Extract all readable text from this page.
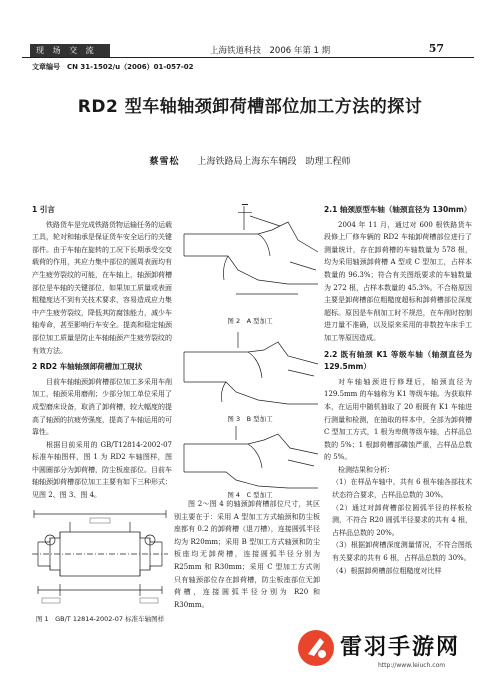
现 场 交 流	上海铁道科技　2006 年第 1 期	57
文章编号　CN 31-1502/u（2006）01-057-02
RD2 型车轴轴颈卸荷槽部位加工方法的探讨
蔡雪松 上海铁路局上海东车辆段　助理工程师
1 引言

铁路货车是完成铁路货物运输任务的运载工具，轮对和轴承是保证货车安全运行的关键部件。由于车轴在旋转的工况下长期承受交变载荷的作用，其应力集中部位的圆周表面均有产生疲劳裂纹的可能，在车轴上，轴颈卸荷槽部位是车轴的关键部位，如果加工质量或表面粗糙度达不到有关技术要求，容易造成应力集中产生疲劳裂纹，降低其防腐蚀能力，减少车轴寿命，甚至影响行车安全。提高和稳定轴颈部位加工质量是防止车轴轴颈产生疲劳裂纹的有效方法。

2 RD2 车轴轴颈卸荷槽加工现状

目前车轴轴颈卸荷槽部位加工多采用车削加工，轴颈采用磨削；少部分加工单位采用了成型磨床设备，取消了卸荷槽，较大幅度的提高了轴颈的抗疲劳强度，提高了车轴运用的可靠性。

根据目前采用的 GB/T12814-2002-07 标准车轴图样，图 1 为 RD2 车轴图样，图中圆圈部分为卸荷槽，防尘板座部位。目前车轴轴颈卸荷槽部位加工主要有如下三种形式：见图 2、图 3、图 4。

图 1　GB/T 12814-2002-07 标准车轴图样
图 2　A 型加工
图 3　B 型加工
图 4　C 型加工

图 2～图 4 的轴颈卸荷槽部位尺寸，其区别主要在于：采用 A 型加工方式轴颈和防尘板座都有 0.2 的卸荷槽（退刀槽），连接圆弧半径均为 R20mm；采用 B 型加工方式轴颈和防尘板座均无卸荷槽，连接圆弧半径分别为 R25mm 和 R30mm；采用 C 型加工方式则只有轴颈部位存在卸荷槽，防尘板座部位无卸荷槽，连接圆弧半径分别为 R20 和 R30mm。

2.1 轴颈原型车轴（轴颈直径为 130mm）

2004 年 11 月，通过对 600 根铁路货车段修上厂修车辆的 RD2 车轴卸荷槽部位进行了测量统计，存在卸荷槽的车轴数量为 578 根，均为采用轴颈卸荷槽 A 型或 C 型加工，占样本数量的 96.3%；符合有关图纸要求的车轴数量为 272 根，占样本数量的 45.3%。不合格原因主要是卸荷槽部位粗糙度超标和卸荷槽部位深度超标。原因是车削加工时不规范，在车削时控制进刀量不准确，以及原来采用的非数控车床手工加工等原因造成。

2.2 既有轴颈 K1 等级车轴（轴颈直径为 129.5mm）

对车轴轴颈进行修理后，轴颈直径为 129.5mm 的车轴称为 K1 等级车轴。为获取样本，在运用中随机抽取了 20 根既有 K1 车轴进行测量和检测，在抽取的样本中，全部为卸荷槽 C 型加工方式，1 根为卑侧等级车轴，占样品总数的 5%；1 根卸荷槽部磷蚀严重，占样品总数的 5%。

检测结果和分析：

（1）在样品车轴中，共有 6 根车轴各部技术状态符合要求，占样品总数的 30%。

（2）通过对卸荷槽部位圆弧半径的样板检测，不符合 R20 圆弧半径要求的共有 4 根，占样品总数的 20%。

（3）根据卸荷槽深度测量情况，不符合图纸有关要求的共有 6 根，占样品总数的 30%。

（4）根据卸荷槽部位粗糙度对比样

雷羽手游网
http://www.leiuch.com
